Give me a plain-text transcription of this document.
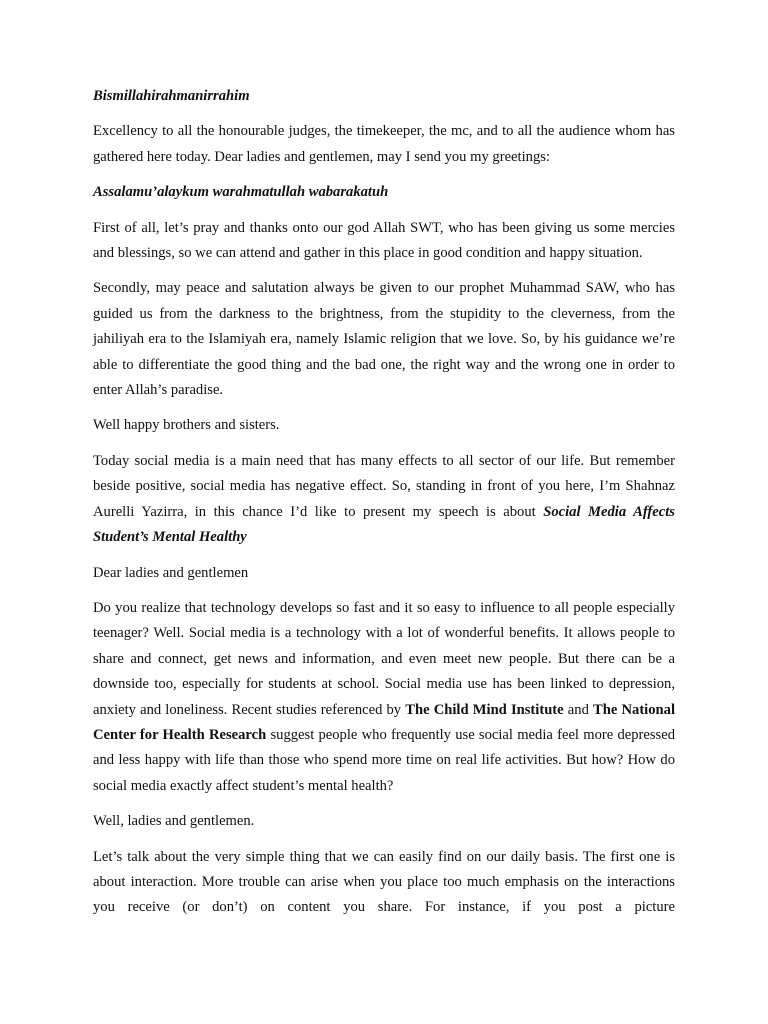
Bismillahirahmanirrahim

Excellency to all the honourable judges, the timekeeper, the mc, and to all the audience whom has gathered here today. Dear ladies and gentlemen, may I send you my greetings:

Assalamu’alaykum warahmatullah wabarakatuh

First of all, let’s pray and thanks onto our god Allah SWT, who has been giving us some mercies and blessings, so we can attend and gather in this place in good condition and happy situation.

Secondly, may peace and salutation always be given to our prophet Muhammad SAW, who has guided us from the darkness to the brightness, from the stupidity to the cleverness, from the jahiliyah era to the Islamiyah era, namely Islamic religion that we love. So, by his guidance we’re able to differentiate the good thing and the bad one, the right way and the wrong one in order to enter Allah’s paradise.

Well happy brothers and sisters.

Today social media is a main need that has many effects to all sector of our life. But remember beside positive, social media has negative effect. So, standing in front of you here, I’m Shahnaz Aurelli Yazirra, in this chance I’d like to present my speech is about Social Media Affects Student’s Mental Healthy

Dear ladies and gentlemen

Do you realize that technology develops so fast and it so easy to influence to all people especially teenager? Well. Social media is a technology with a lot of wonderful benefits. It allows people to share and connect, get news and information, and even meet new people. But there can be a downside too, especially for students at school. Social media use has been linked to depression, anxiety and loneliness. Recent studies referenced by The Child Mind Institute and The National Center for Health Research suggest people who frequently use social media feel more depressed and less happy with life than those who spend more time on real life activities. But how? How do social media exactly affect student’s mental health?

Well, ladies and gentlemen.

Let’s talk about the very simple thing that we can easily find on our daily basis. The first one is about interaction. More trouble can arise when you place too much emphasis on the interactions you receive (or don’t) on content you share. For instance, if you post a picture
